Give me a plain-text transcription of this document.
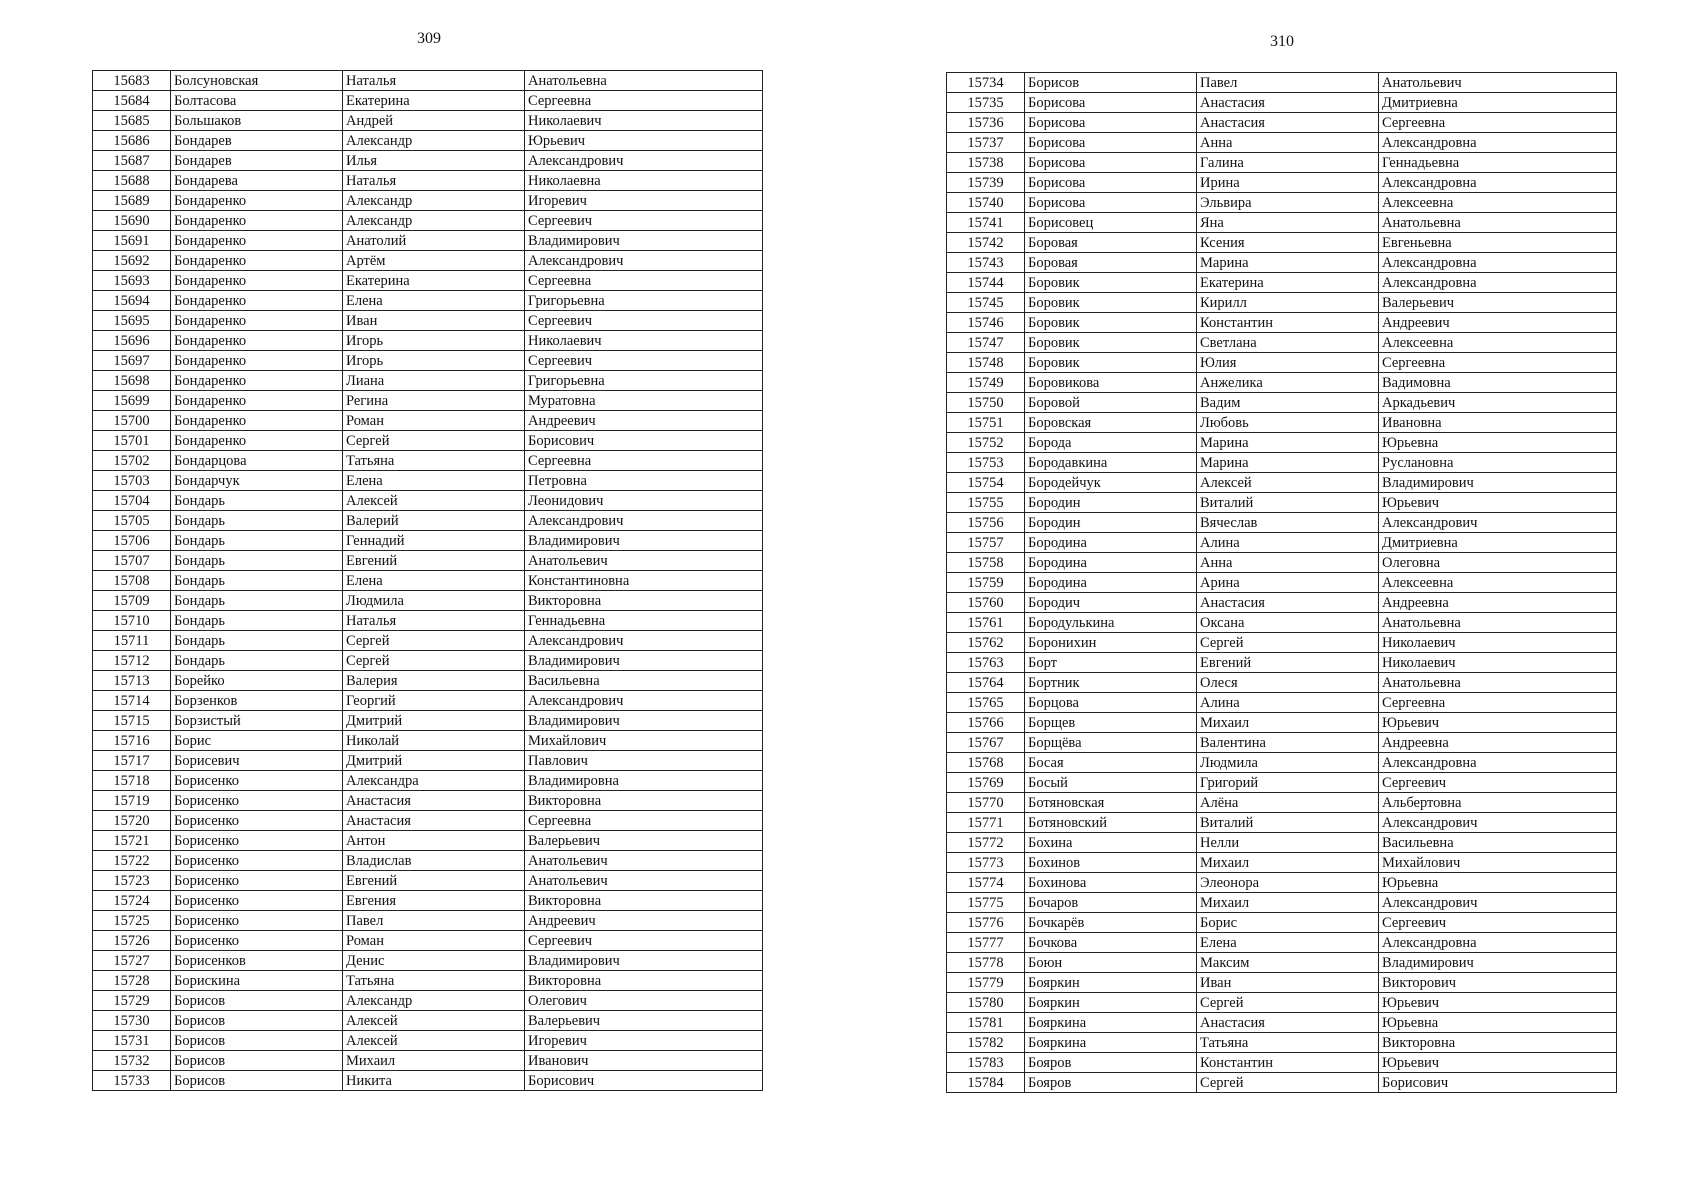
309
15683	Болсуновская	Наталья	Анатольевна
15684	Болтасова	Екатерина	Сергеевна
15685	Большаков	Андрей	Николаевич
15686	Бондарев	Александр	Юрьевич
15687	Бондарев	Илья	Александрович
15688	Бондарева	Наталья	Николаевна
15689	Бондаренко	Александр	Игоревич
15690	Бондаренко	Александр	Сергеевич
15691	Бондаренко	Анатолий	Владимирович
15692	Бондаренко	Артём	Александрович
15693	Бондаренко	Екатерина	Сергеевна
15694	Бондаренко	Елена	Григорьевна
15695	Бондаренко	Иван	Сергеевич
15696	Бондаренко	Игорь	Николаевич
15697	Бондаренко	Игорь	Сергеевич
15698	Бондаренко	Лиана	Григорьевна
15699	Бондаренко	Регина	Муратовна
15700	Бондаренко	Роман	Андреевич
15701	Бондаренко	Сергей	Борисович
15702	Бондарцова	Татьяна	Сергеевна
15703	Бондарчук	Елена	Петровна
15704	Бондарь	Алексей	Леонидович
15705	Бондарь	Валерий	Александрович
15706	Бондарь	Геннадий	Владимирович
15707	Бондарь	Евгений	Анатольевич
15708	Бондарь	Елена	Константиновна
15709	Бондарь	Людмила	Викторовна
15710	Бондарь	Наталья	Геннадьевна
15711	Бондарь	Сергей	Александрович
15712	Бондарь	Сергей	Владимирович
15713	Борейко	Валерия	Васильевна
15714	Борзенков	Георгий	Александрович
15715	Борзистый	Дмитрий	Владимирович
15716	Борис	Николай	Михайлович
15717	Борисевич	Дмитрий	Павлович
15718	Борисенко	Александра	Владимировна
15719	Борисенко	Анастасия	Викторовна
15720	Борисенко	Анастасия	Сергеевна
15721	Борисенко	Антон	Валерьевич
15722	Борисенко	Владислав	Анатольевич
15723	Борисенко	Евгений	Анатольевич
15724	Борисенко	Евгения	Викторовна
15725	Борисенко	Павел	Андреевич
15726	Борисенко	Роман	Сергеевич
15727	Борисенков	Денис	Владимирович
15728	Борискина	Татьяна	Викторовна
15729	Борисов	Александр	Олегович
15730	Борисов	Алексей	Валерьевич
15731	Борисов	Алексей	Игоревич
15732	Борисов	Михаил	Иванович
15733	Борисов	Никита	Борисович
310
15734	Борисов	Павел	Анатольевич
15735	Борисова	Анастасия	Дмитриевна
15736	Борисова	Анастасия	Сергеевна
15737	Борисова	Анна	Александровна
15738	Борисова	Галина	Геннадьевна
15739	Борисова	Ирина	Александровна
15740	Борисова	Эльвира	Алексеевна
15741	Борисовец	Яна	Анатольевна
15742	Боровая	Ксения	Евгеньевна
15743	Боровая	Марина	Александровна
15744	Боровик	Екатерина	Александровна
15745	Боровик	Кирилл	Валерьевич
15746	Боровик	Константин	Андреевич
15747	Боровик	Светлана	Алексеевна
15748	Боровик	Юлия	Сергеевна
15749	Боровикова	Анжелика	Вадимовна
15750	Боровой	Вадим	Аркадьевич
15751	Боровская	Любовь	Ивановна
15752	Борода	Марина	Юрьевна
15753	Бородавкина	Марина	Руслановна
15754	Бородейчук	Алексей	Владимирович
15755	Бородин	Виталий	Юрьевич
15756	Бородин	Вячеслав	Александрович
15757	Бородина	Алина	Дмитриевна
15758	Бородина	Анна	Олеговна
15759	Бородина	Арина	Алексеевна
15760	Бородич	Анастасия	Андреевна
15761	Бородулькина	Оксана	Анатольевна
15762	Боронихин	Сергей	Николаевич
15763	Борт	Евгений	Николаевич
15764	Бортник	Олеся	Анатольевна
15765	Борцова	Алина	Сергеевна
15766	Борщев	Михаил	Юрьевич
15767	Борщёва	Валентина	Андреевна
15768	Босая	Людмила	Александровна
15769	Босый	Григорий	Сергеевич
15770	Ботяновская	Алёна	Альбертовна
15771	Ботяновский	Виталий	Александрович
15772	Бохина	Нелли	Васильевна
15773	Бохинов	Михаил	Михайлович
15774	Бохинова	Элеонора	Юрьевна
15775	Бочаров	Михаил	Александрович
15776	Бочкарёв	Борис	Сергеевич
15777	Бочкова	Елена	Александровна
15778	Боюн	Максим	Владимирович
15779	Бояркин	Иван	Викторович
15780	Бояркин	Сергей	Юрьевич
15781	Бояркина	Анастасия	Юрьевна
15782	Бояркина	Татьяна	Викторовна
15783	Бояров	Константин	Юрьевич
15784	Бояров	Сергей	Борисович
